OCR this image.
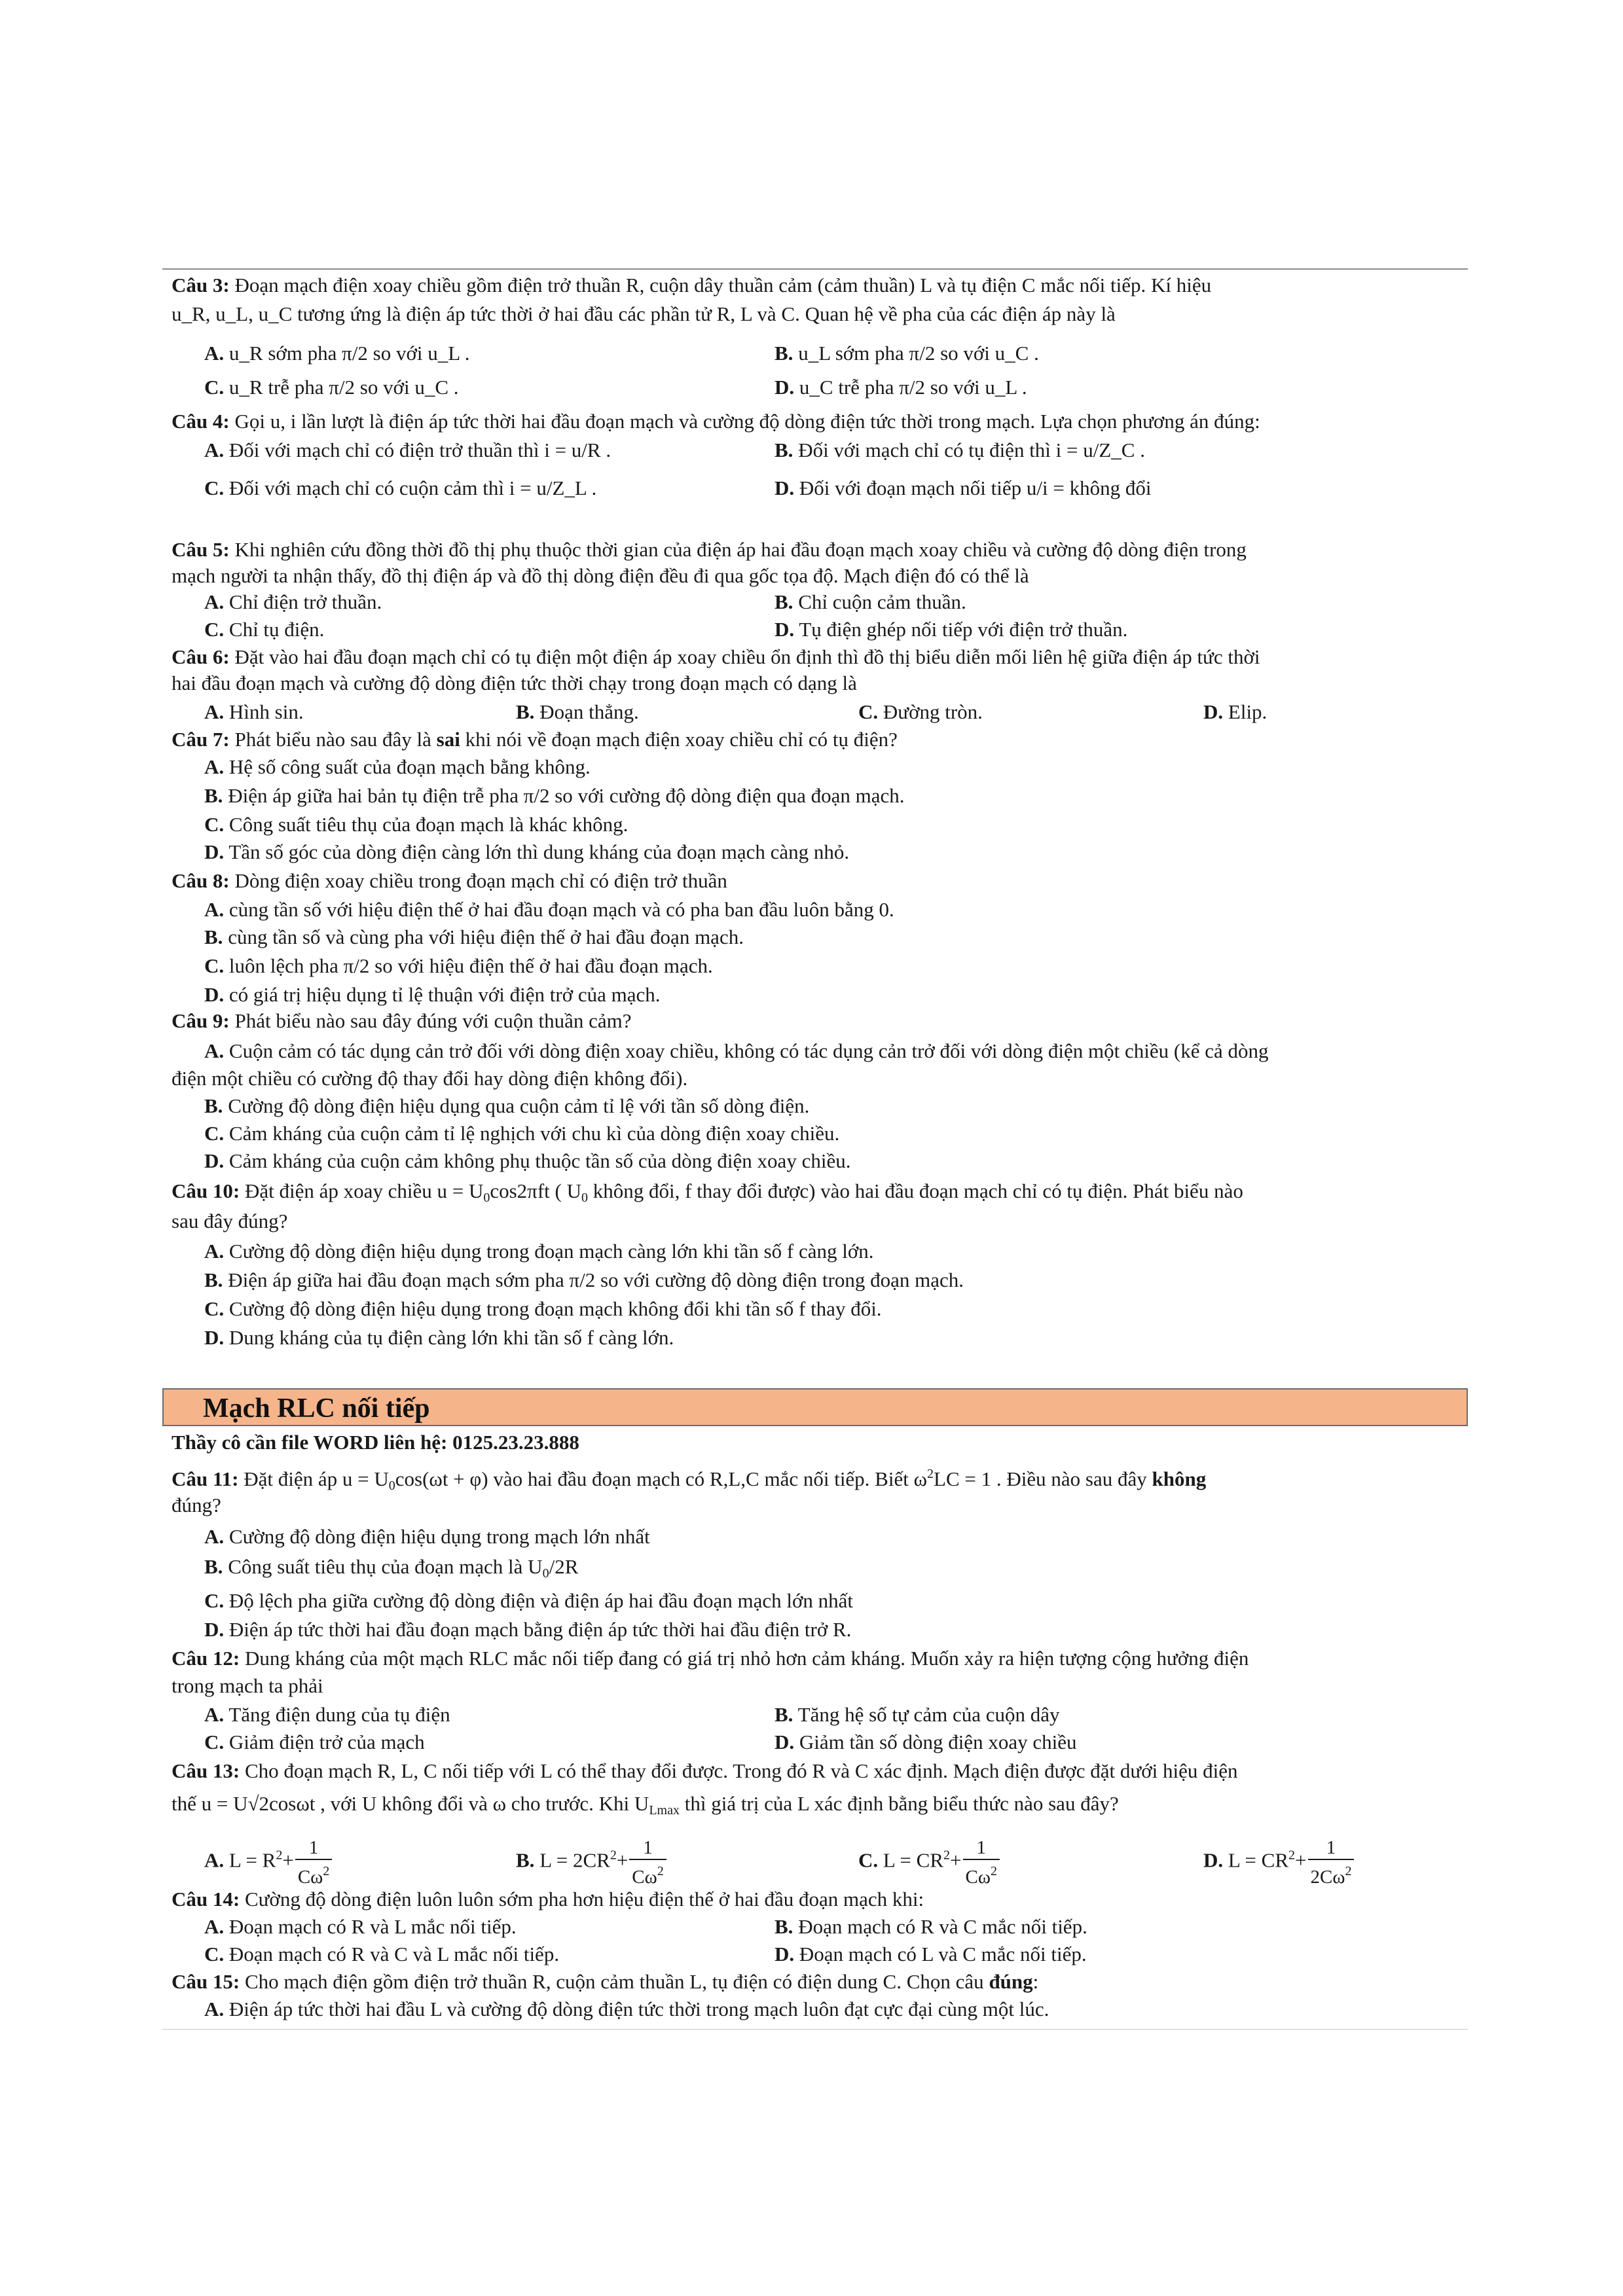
Câu 3: Đoạn mạch điện xoay chiều gồm điện trở thuần R, cuộn dây thuần cảm (cảm thuần) L và tụ điện C mắc nối tiếp. Kí hiệu
u_R, u_L, u_C tương ứng là điện áp tức thời ở hai đầu các phần tử R, L và C. Quan hệ về pha của các điện áp này là
A. u_R sớm pha π/2 so với u_L .	B. u_L sớm pha π/2 so với u_C .
C. u_R trễ pha π/2 so với u_C .	D. u_C trễ pha π/2 so với u_L .
Câu 4: Gọi u, i lần lượt là điện áp tức thời hai đầu đoạn mạch và cường độ dòng điện tức thời trong mạch. Lựa chọn phương án đúng:
A. Đối với mạch chỉ có điện trở thuần thì i = u/R .	B. Đối với mạch chỉ có tụ điện thì i = u/Z_C .
C. Đối với mạch chỉ có cuộn cảm thì i = u/Z_L .	D. Đối với đoạn mạch nối tiếp u/i = không đổi
Câu 5: Khi nghiên cứu đồng thời đồ thị phụ thuộc thời gian của điện áp hai đầu đoạn mạch xoay chiều và cường độ dòng điện trong
mạch người ta nhận thấy, đồ thị điện áp và đồ thị dòng điện đều đi qua gốc tọa độ. Mạch điện đó có thể là
A. Chỉ điện trở thuần.	B. Chỉ cuộn cảm thuần.
C. Chỉ tụ điện.	D. Tụ điện ghép nối tiếp với điện trở thuần.
Câu 6: Đặt vào hai đầu đoạn mạch chỉ có tụ điện một điện áp xoay chiều ổn định thì đồ thị biểu diễn mối liên hệ giữa điện áp tức thời
hai đầu đoạn mạch và cường độ dòng điện tức thời chạy trong đoạn mạch có dạng là
A. Hình sin.	B. Đoạn thẳng.	C. Đường tròn.	D. Elip.
Câu 7: Phát biểu nào sau đây là sai khi nói về đoạn mạch điện xoay chiều chỉ có tụ điện?
A. Hệ số công suất của đoạn mạch bằng không.
B. Điện áp giữa hai bản tụ điện trễ pha π/2 so với cường độ dòng điện qua đoạn mạch.
C. Công suất tiêu thụ của đoạn mạch là khác không.
D. Tần số góc của dòng điện càng lớn thì dung kháng của đoạn mạch càng nhỏ.
Câu 8: Dòng điện xoay chiều trong đoạn mạch chỉ có điện trở thuần
A. cùng tần số với hiệu điện thế ở hai đầu đoạn mạch và có pha ban đầu luôn bằng 0.
B. cùng tần số và cùng pha với hiệu điện thế ở hai đầu đoạn mạch.
C. luôn lệch pha π/2 so với hiệu điện thế ở hai đầu đoạn mạch.
D. có giá trị hiệu dụng tỉ lệ thuận với điện trở của mạch.
Câu 9: Phát biểu nào sau đây đúng với cuộn thuần cảm?
A. Cuộn cảm có tác dụng cản trở đối với dòng điện xoay chiều, không có tác dụng cản trở đối với dòng điện một chiều (kể cả dòng
điện một chiều có cường độ thay đổi hay dòng điện không đổi).
B. Cường độ dòng điện hiệu dụng qua cuộn cảm tỉ lệ với tần số dòng điện.
C. Cảm kháng của cuộn cảm tỉ lệ nghịch với chu kì của dòng điện xoay chiều.
D. Cảm kháng của cuộn cảm không phụ thuộc tần số của dòng điện xoay chiều.
Câu 10: Đặt điện áp xoay chiều $u = U_0\cos 2\pi ft$ ( $U_0$ không đổi, f thay đổi được) vào hai đầu đoạn mạch chỉ có tụ điện. Phát biểu nào
sau đây đúng?
A. Cường độ dòng điện hiệu dụng trong đoạn mạch càng lớn khi tần số f càng lớn.
B. Điện áp giữa hai đầu đoạn mạch sớm pha π/2 so với cường độ dòng điện trong đoạn mạch.
C. Cường độ dòng điện hiệu dụng trong đoạn mạch không đổi khi tần số f thay đổi.
D. Dung kháng của tụ điện càng lớn khi tần số f càng lớn.
Mạch RLC nối tiếp
Thầy cô cần file WORD liên hệ: 0125.23.23.888
Câu 11: Đặt điện áp $u = U_0\cos(\omega t + \varphi)$ vào hai đầu đoạn mạch có R,L,C mắc nối tiếp. Biết $\omega^2LC = 1$ . Điều nào sau đây không
đúng?
A. Cường độ dòng điện hiệu dụng trong mạch lớn nhất
B. Công suất tiêu thụ của đoạn mạch là $U_0/2R$
C. Độ lệch pha giữa cường độ dòng điện và điện áp hai đầu đoạn mạch lớn nhất
D. Điện áp tức thời hai đầu đoạn mạch bằng điện áp tức thời hai đầu điện trở R.
Câu 12: Dung kháng của một mạch RLC mắc nối tiếp đang có giá trị nhỏ hơn cảm kháng. Muốn xảy ra hiện tượng cộng hưởng điện
trong mạch ta phải
A. Tăng điện dung của tụ điện	B. Tăng hệ số tự cảm của cuộn dây
C. Giảm điện trở của mạch	D. Giảm tần số dòng điện xoay chiều
Câu 13: Cho đoạn mạch R, L, C nối tiếp với L có thể thay đổi được. Trong đó R và C xác định. Mạch điện được đặt dưới hiệu điện
thế u = U√2cosωt , với U không đổi và ω cho trước. Khi $U_{Lmax}$ thì giá trị của L xác định bằng biểu thức nào sau đây?
A. $L = R^2+ \frac{1}{C\omega^2}$	B. $L = 2CR^2+ \frac{1}{C\omega^2}$	C. $L = CR^2+ \frac{1}{C\omega^2}$	D. $L = CR^2+ \frac{1}{2C\omega^2}$
Câu 14: Cường độ dòng điện luôn luôn sớm pha hơn hiệu điện thế ở hai đầu đoạn mạch khi:
A. Đoạn mạch có R và L mắc nối tiếp.	B. Đoạn mạch có R và C mắc nối tiếp.
C. Đoạn mạch có R và C và L mắc nối tiếp.	D. Đoạn mạch có L và C mắc nối tiếp.
Câu 15: Cho mạch điện gồm điện trở thuần R, cuộn cảm thuần L, tụ điện có điện dung C. Chọn câu đúng:
A. Điện áp tức thời hai đầu L và cường độ dòng điện tức thời trong mạch luôn đạt cực đại cùng một lúc.
